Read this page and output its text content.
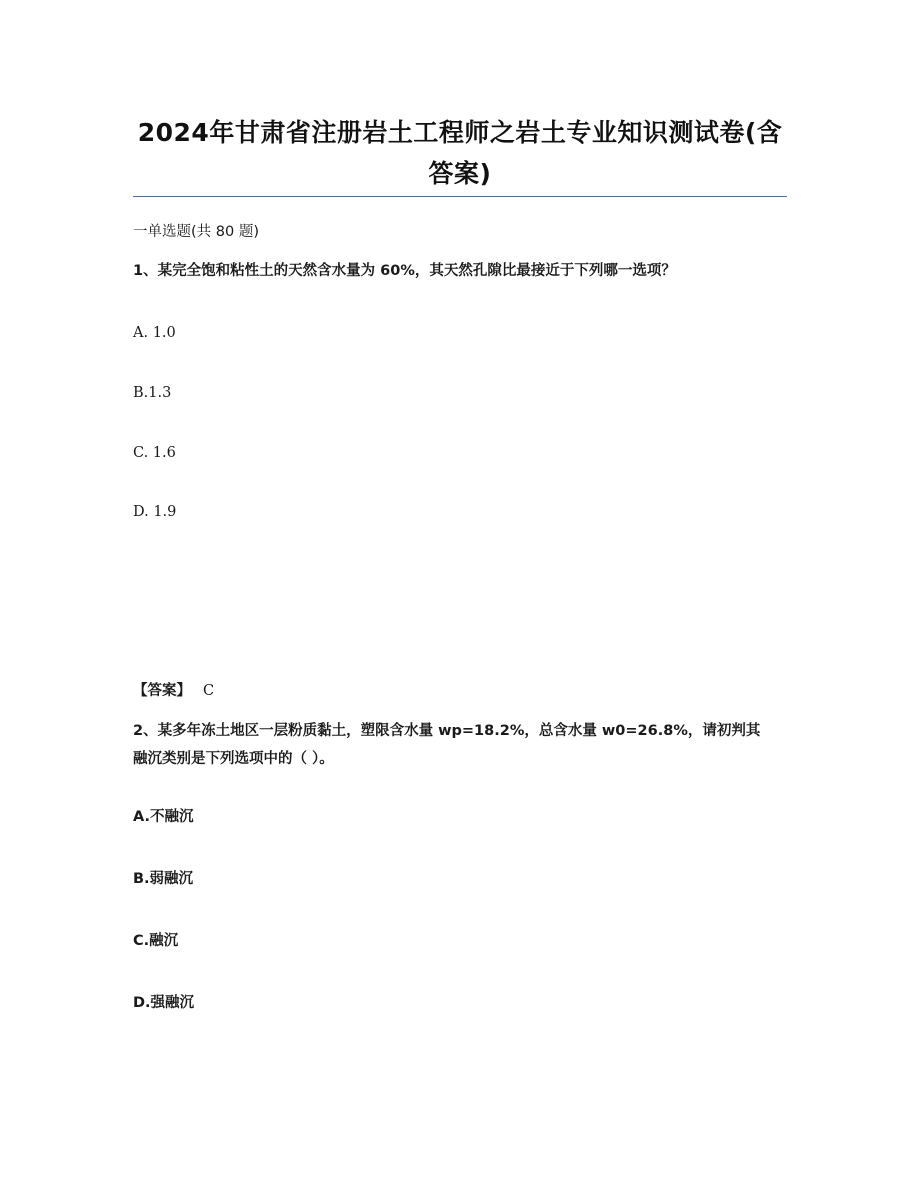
2024年甘肃省注册岩土工程师之岩土专业知识测试卷(含答案)
一单选题(共 80 题)
1、某完全饱和粘性土的天然含水量为 60%，其天然孔隙比最接近于下列哪一选项？
A. 1.0
B.1.3
C. 1.6
D. 1.9
【答案】 C
2、某多年冻土地区一层粉质黏土，塑限含水量 wp=18.2%，总含水量 w0=26.8%，请初判其融沉类别是下列选项中的（ ）。
A.不融沉
B.弱融沉
C.融沉
D.强融沉
